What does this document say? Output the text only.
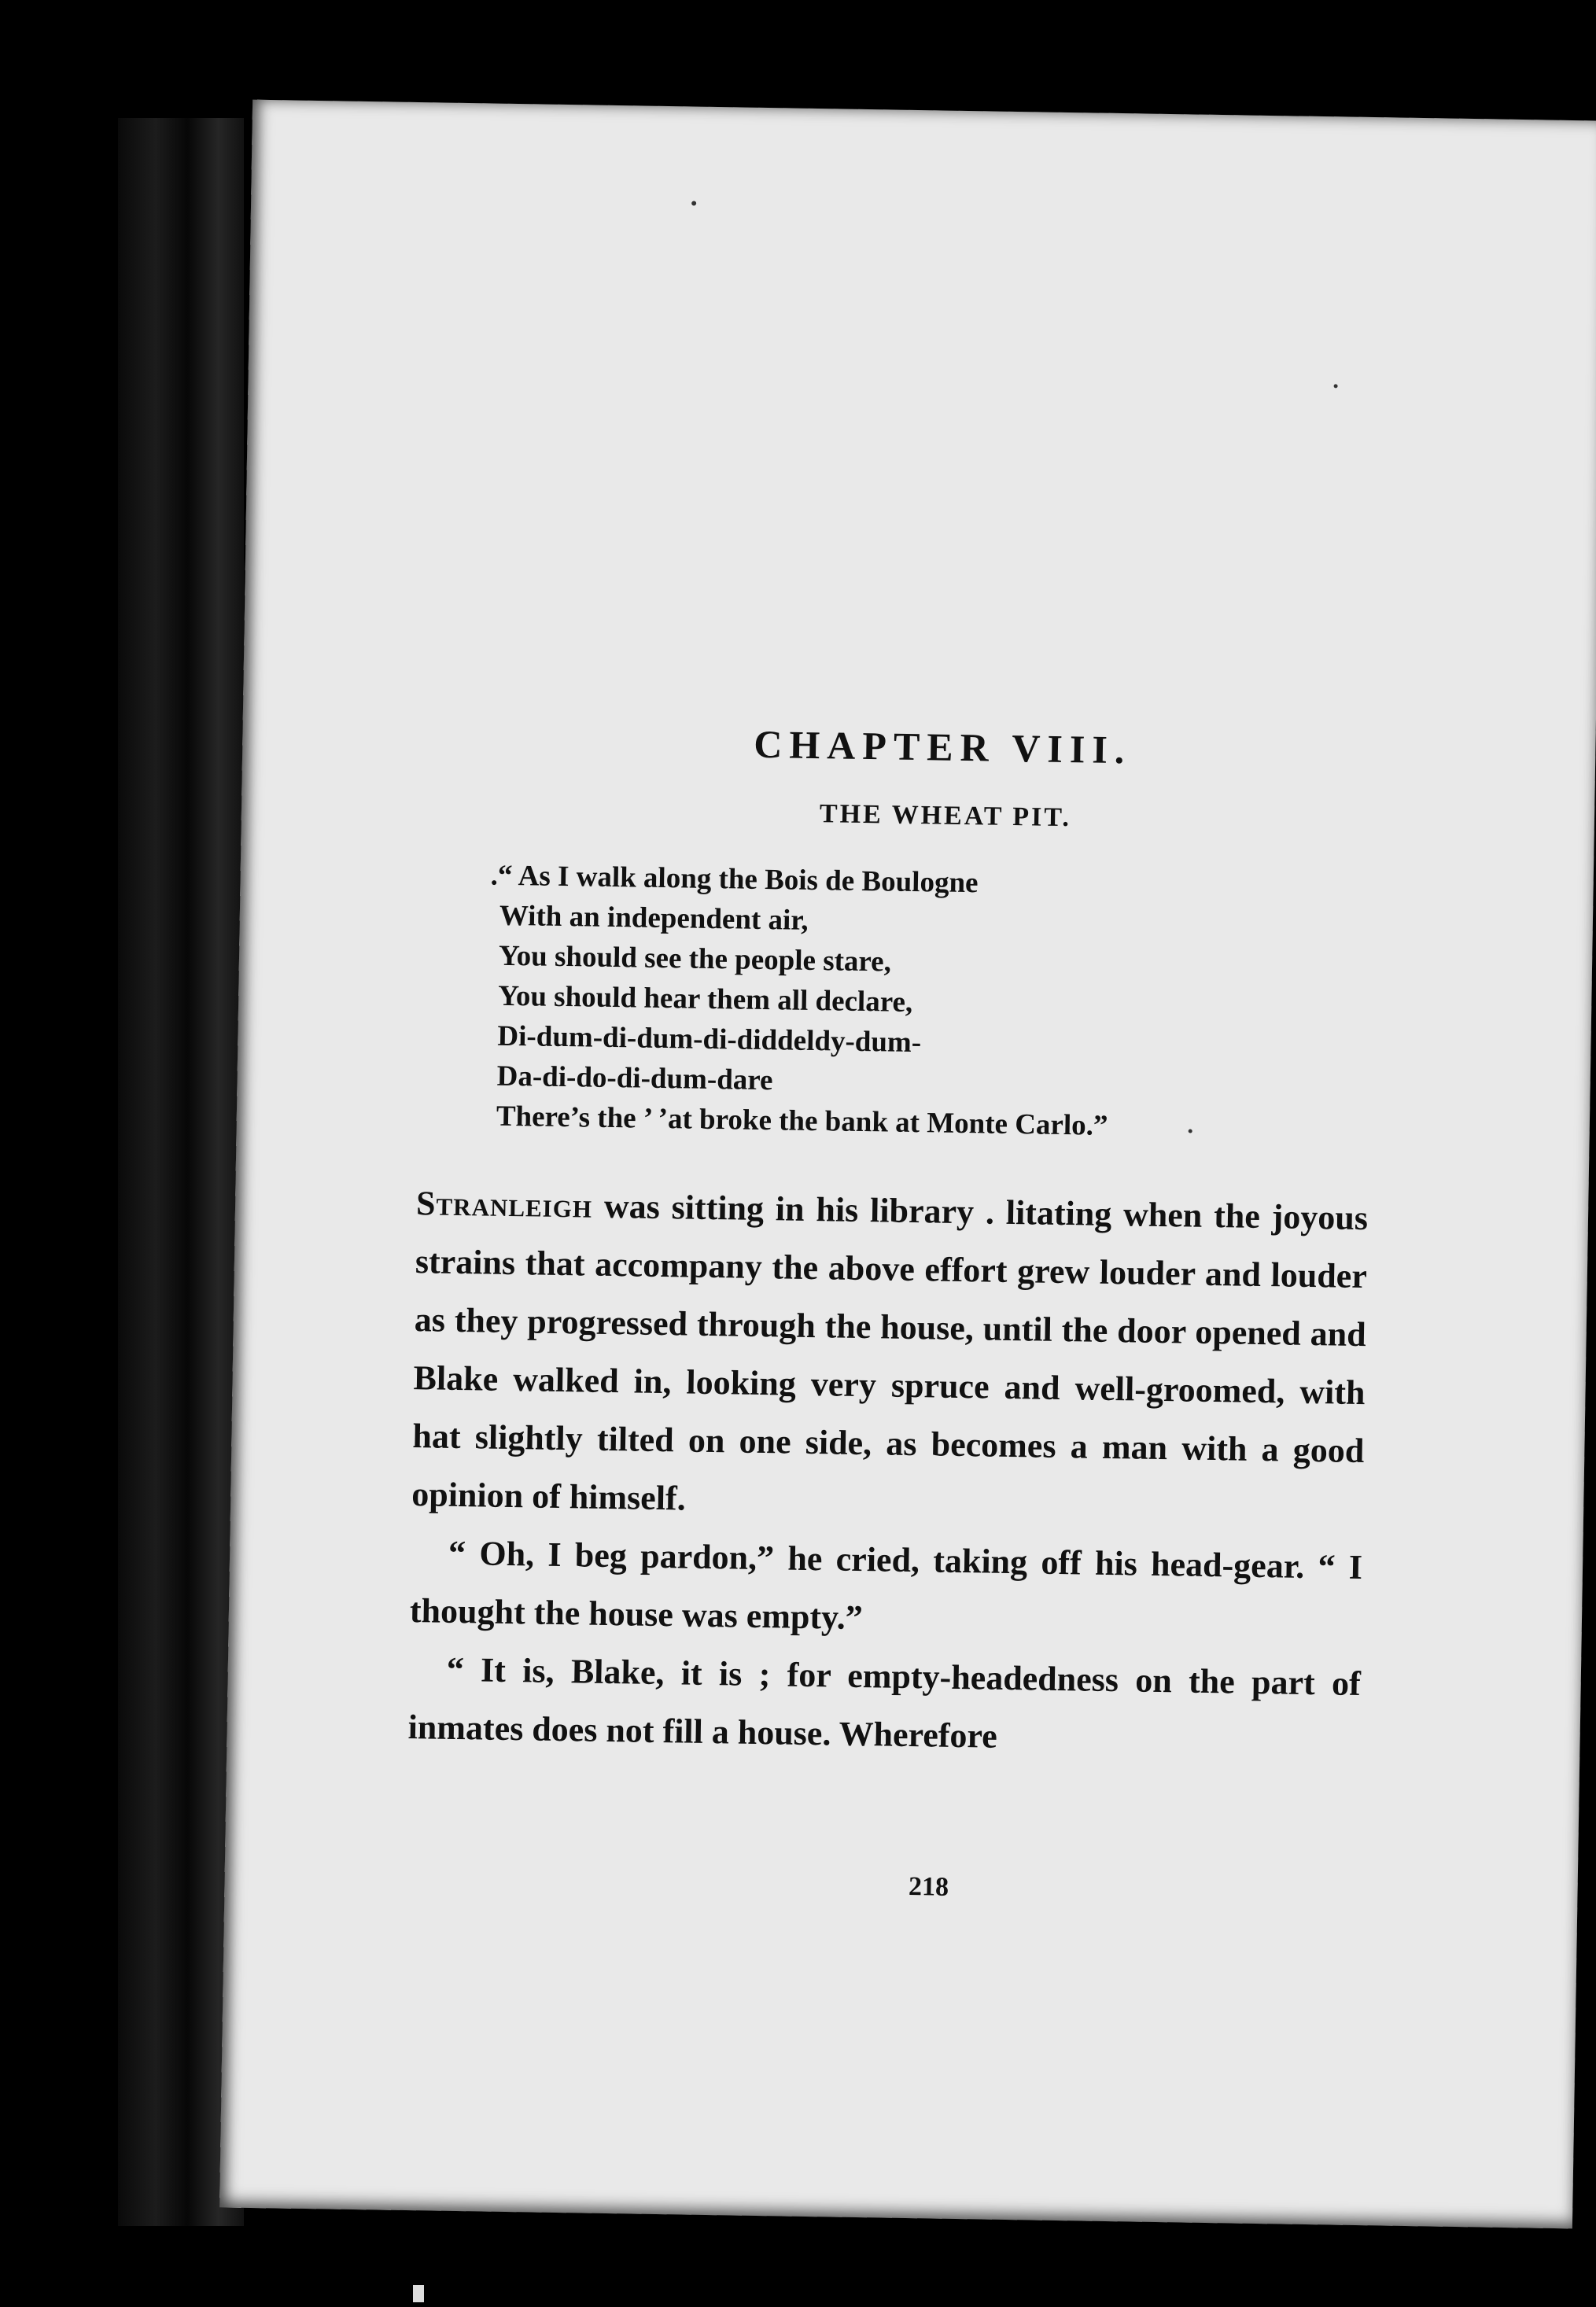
CHAPTER VIII.
THE WHEAT PIT.
.“ As I walk along the Bois de Boulogne
With an independent air,
You should see the people stare,
You should hear them all declare,
Di-dum-di-dum-di-diddeldy-dum-
Da-di-do-di-dum-dare
There’s the ’ ’at broke the bank at Monte Carlo.”

Stranleigh was sitting in his library . litating when the joyous strains that accompany the above effort grew louder and louder as they progressed through the house, until the door opened and Blake walked in, looking very spruce and well-groomed, with hat slightly tilted on one side, as becomes a man with a good opinion of himself.

“ Oh, I beg pardon,” he cried, taking off his head-gear. “ I thought the house was empty.”

“ It is, Blake, it is ; for empty-headedness on the part of inmates does not fill a house. Wherefore

218
